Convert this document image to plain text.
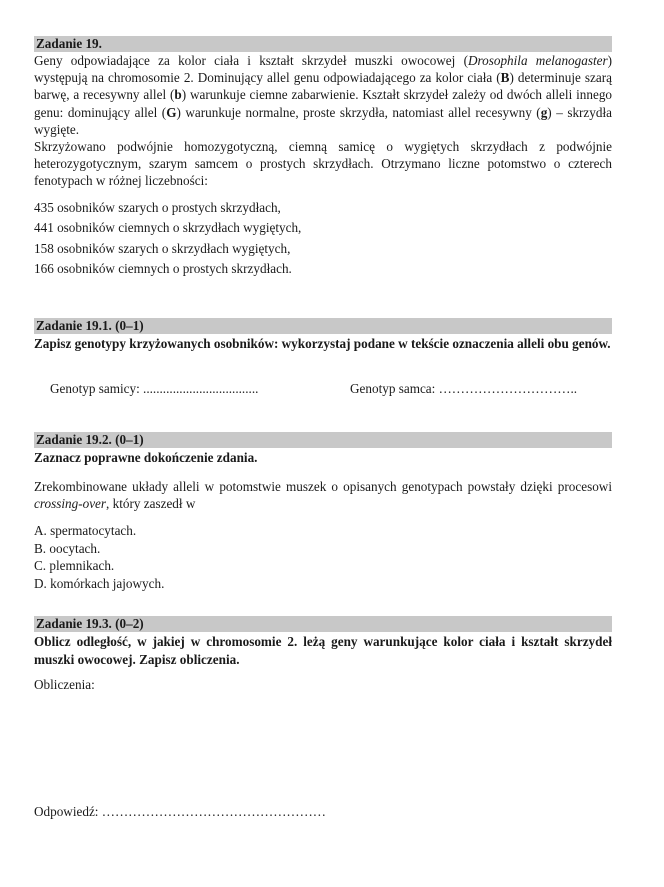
Zadanie 19.

Geny odpowiadające za kolor ciała i kształt skrzydeł muszki owocowej (Drosophila melanogaster) występują na chromosomie 2. Dominujący allel genu odpowiadającego za kolor ciała (B) determinuje szarą barwę, a recesywny allel (b) warunkuje ciemne zabarwienie. Kształt skrzydeł zależy od dwóch alleli innego genu: dominujący allel (G) warunkuje normalne, proste skrzydła, natomiast allel recesywny (g) – skrzydła wygięte.

Skrzyżowano podwójnie homozygotyczną, ciemną samicę o wygiętych skrzydłach z podwójnie heterozygotycznym, szarym samcem o prostych skrzydłach. Otrzymano liczne potomstwo o czterech fenotypach w różnej liczebności:

435 osobników szarych o prostych skrzydłach,
441 osobników ciemnych o skrzydłach wygiętych,
158 osobników szarych o skrzydłach wygiętych,
166 osobników ciemnych o prostych skrzydłach.
Zadanie 19.1. (0–1)

Zapisz genotypy krzyżowanych osobników: wykorzystaj podane w tekście oznaczenia alleli obu genów.

Genotyp samicy: ...................................	Genotyp samca: …………………………..
Zadanie 19.2. (0–1)

Zaznacz poprawne dokończenie zdania.

Zrekombinowane układy alleli w potomstwie muszek o opisanych genotypach powstały dzięki procesowi crossing-over, który zaszedł w

A. spermatocytach.
B. oocytach.
C. plemnikach.
D. komórkach jajowych.
Zadanie 19.3. (0–2)

Oblicz odległość, w jakiej w chromosomie 2. leżą geny warunkujące kolor ciała i kształt skrzydeł muszki owocowej. Zapisz obliczenia.

Obliczenia:
Odpowiedź: ……………………………………………
